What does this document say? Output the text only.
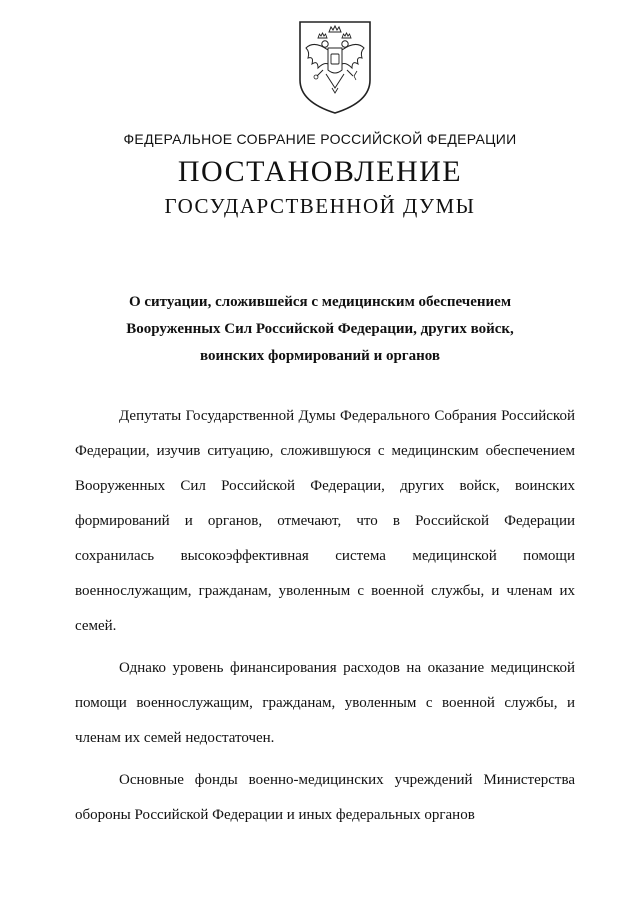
ФЕДЕРАЛЬНОЕ СОБРАНИЕ РОССИЙСКОЙ ФЕДЕРАЦИИ
ПОСТАНОВЛЕНИЕ
ГОСУДАРСТВЕННОЙ ДУМЫ
О ситуации, сложившейся с медицинским обеспечением
Вооруженных Сил Российской Федерации, других войск,
воинских формирований и органов

Депутаты Государственной Думы Федерального Собрания Российской Федерации, изучив ситуацию, сложившуюся с медицинским обеспечением Вооруженных Сил Российской Федерации, других войск, воинских формирований и органов, отмечают, что в Российской Федерации сохранилась высокоэффективная система медицинской помощи военнослужащим, гражданам, уволенным с военной службы, и членам их семей.

Однако уровень финансирования расходов на оказание медицинской помощи военнослужащим, гражданам, уволенным с военной службы, и членам их семей недостаточен.

Основные фонды военно-медицинских учреждений Министерства обороны Российской Федерации и иных федеральных органов
